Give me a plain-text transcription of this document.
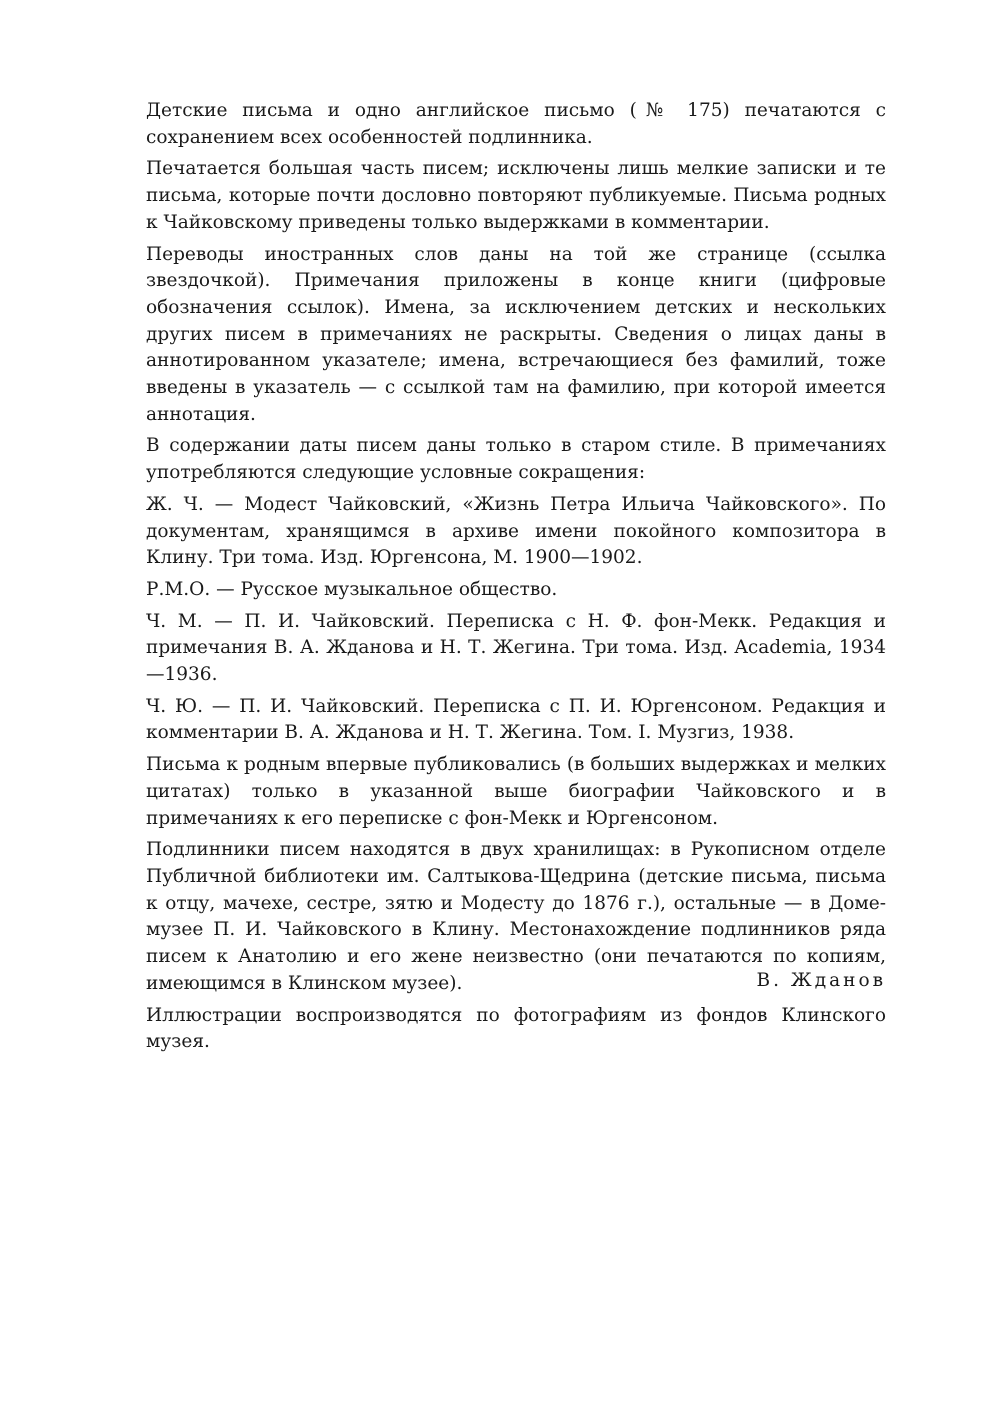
Детские письма и одно английское письмо (№ 175) печатаются с сохранением всех особенностей подлинника.

Печатается большая часть писем; исключены лишь мелкие записки и те письма, которые почти дословно повторяют публикуемые. Письма родных к Чайковскому приведены только выдержками в комментарии.

Переводы иностранных слов даны на той же странице (ссылка звездочкой). Примечания приложены в конце книги (цифровые обозначения ссылок). Имена, за исключением детских и нескольких других писем в примечаниях не раскрыты. Сведения о лицах даны в аннотированном указателе; имена, встречающиеся без фамилий, тоже введены в указатель — с ссылкой там на фамилию, при которой имеется аннотация.

В содержании даты писем даны только в старом стиле. В примечаниях употребляются следующие условные сокращения:

Ж. Ч. — Модест Чайковский, «Жизнь Петра Ильича Чайковского». По документам, хранящимся в архиве имени покойного композитора в Клину. Три тома. Изд. Юргенсона, М. 1900—1902.

Р.М.О. — Русское музыкальное общество.

Ч. М. — П. И. Чайковский. Переписка с Н. Ф. фон-Мекк. Редакция и примечания В. А. Жданова и Н. Т. Жегина. Три тома. Изд. Academia, 1934—1936.

Ч. Ю. — П. И. Чайковский. Переписка с П. И. Юргенсоном. Редакция и комментарии В. А. Жданова и Н. Т. Жегина. Том. I. Музгиз, 1938.

Письма к родным впервые публиковались (в больших выдержках и мелких цитатах) только в указанной выше биографии Чайковского и в примечаниях к его переписке с фон-Мекк и Юргенсоном.

Подлинники писем находятся в двух хранилищах: в Рукописном отделе Публичной библиотеки им. Салтыкова-Щедрина (детские письма, письма к отцу, мачехе, сестре, зятю и Модесту до 1876 г.), остальные — в Доме-музее П. И. Чайковского в Клину. Местонахождение подлинников ряда писем к Анатолию и его жене неизвестно (они печатаются по копиям, имеющимся в Клинском музее).

Иллюстрации воспроизводятся по фотографиям из фондов Клинского музея.

В. Жданов
